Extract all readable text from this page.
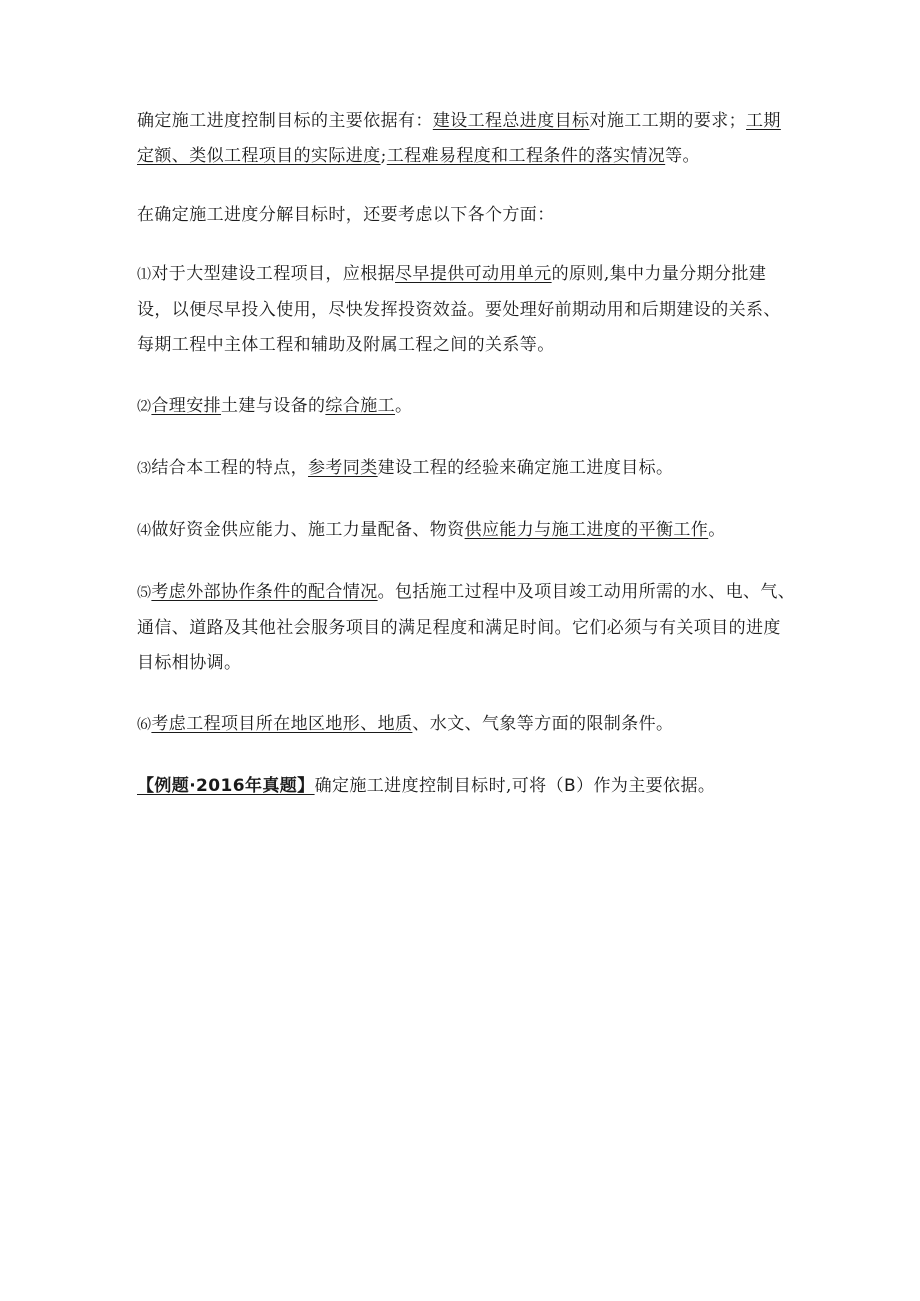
确定施工进度控制目标的主要依据有：建设工程总进度目标对施工工期的要求；工期定额、类似工程项目的实际进度;工程难易程度和工程条件的落实情况等。

在确定施工进度分解目标时，还要考虑以下各个方面：

⑴对于大型建设工程项目，应根据尽早提供可动用单元的原则,集中力量分期分批建设，以便尽早投入使用，尽快发挥投资效益。要处理好前期动用和后期建设的关系、每期工程中主体工程和辅助及附属工程之间的关系等。

⑵合理安排土建与设备的综合施工。

⑶结合本工程的特点，参考同类建设工程的经验来确定施工进度目标。

⑷做好资金供应能力、施工力量配备、物资供应能力与施工进度的平衡工作。

⑸考虑外部协作条件的配合情况。包括施工过程中及项目竣工动用所需的水、电、气、通信、道路及其他社会服务项目的满足程度和满足时间。它们必须与有关项目的进度目标相协调。

⑹考虑工程项目所在地区地形、地质、水文、气象等方面的限制条件。

【例题·2016年真题】确定施工进度控制目标时,可将（B）作为主要依据。
